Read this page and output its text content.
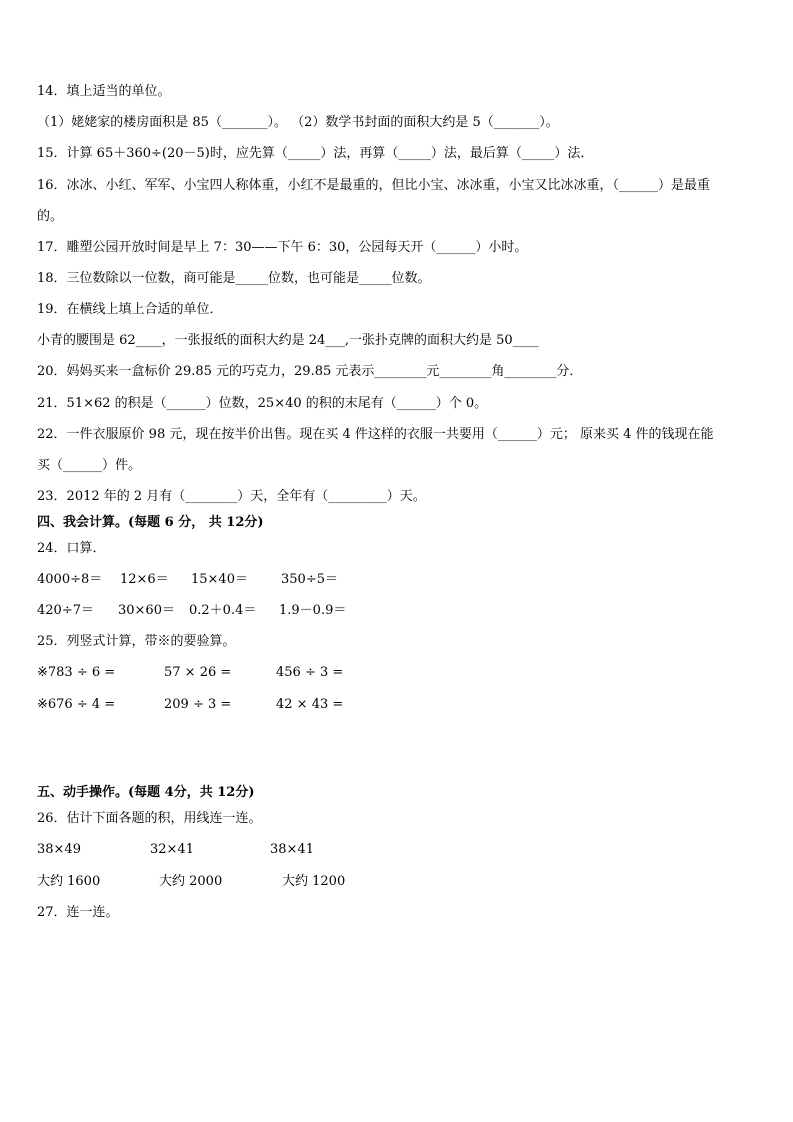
14．填上适当的单位。
（1）姥姥家的楼房面积是 85（_______）。 （2）数学书封面的面积大约是 5（_______）。
15．计算 65＋360÷(20－5)时，应先算（_____）法，再算（_____）法，最后算（_____）法．
16．冰冰、小红、军军、小宝四人称体重，小红不是最重的，但比小宝、冰冰重，小宝又比冰冰重，（______）是最重
的。
17．雕塑公园开放时间是早上 7：30——下午 6：30，公园每天开（______）小时。
18．三位数除以一位数，商可能是_____位数，也可能是_____位数。
19．在横线上填上合适的单位．
小青的腰围是 62____，一张报纸的面积大约是 24___,一张扑克牌的面积大约是 50____
20．妈妈买来一盒标价 29.85 元的巧克力，29.85 元表示________元________角________分．
21．51×62 的积是（______）位数，25×40 的积的末尾有（______）个 0。
22．一件衣服原价 98 元，现在按半价出售。现在买 4 件这样的衣服一共要用（______）元； 原来买 4 件的钱现在能
买（______）件。
23．2012 年的 2 月有（________）天，全年有（_________）天。
四、我会计算。(每题 6 分， 共 12分)
24．口算．
4000÷8＝ 12×6＝ 15×40＝	350÷5＝
420÷7＝ 30×60＝ 0.2＋0.4＝ 1.9－0.9＝
25．列竖式计算，带※的要验算。
※783 ÷ 6 =	57 × 26 =	456 ÷ 3 =
※676 ÷ 4 =	209 ÷ 3 =	42 × 43 =
五、动手操作。(每题 4分，共 12分)
26．估计下面各题的积，用线连一连。
38×49	32×41	38×41
大约 1600	大约 2000	大约 1200
27．连一连。
